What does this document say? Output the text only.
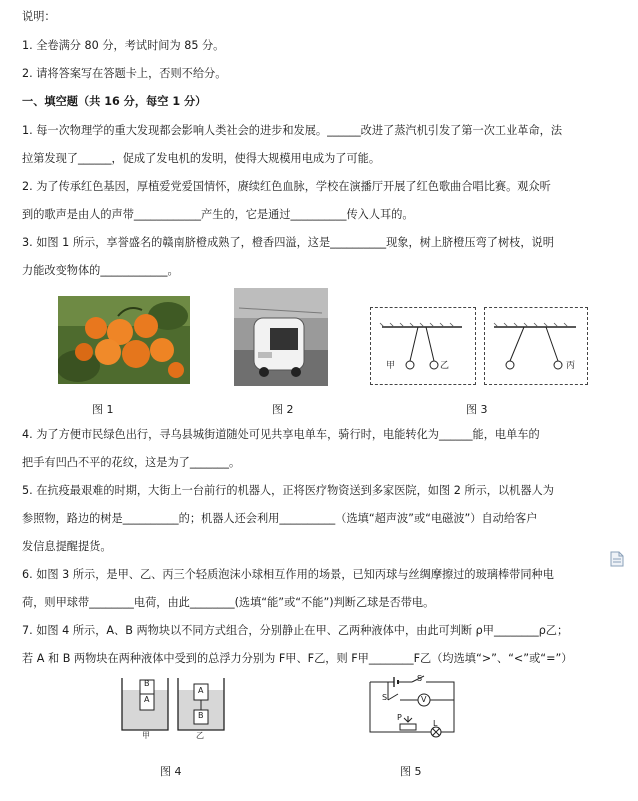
说明：
1. 全卷满分 80 分，考试时间为 85 分。
2. 请将答案写在答题卡上，否则不给分。
一、填空题（共 16 分，每空 1 分）
1. 每一次物理学的重大发现都会影响人类社会的进步和发展。______改进了蒸汽机引发了第一次工业革命，法
拉第发现了______，促成了发电机的发明，使得大规模用电成为了可能。
2. 为了传承红色基因，厚植爱党爱国情怀，赓续红色血脉，学校在演播厅开展了红色歌曲合唱比赛。观众听
到的歌声是由人的声带____________产生的，它是通过__________传入人耳的。
3. 如图 1 所示，享誉盛名的赣南脐橙成熟了，橙香四溢，这是__________现象，树上脐橙压弯了树枝，说明
力能改变物体的____________。
图 1	图 2
甲	乙	丙
图 3
4. 为了方便市民绿色出行，寻乌县城街道随处可见共享电单车，骑行时，电能转化为______能，电单车的
把手有凹凸不平的花纹，这是为了_______。
5. 在抗疫最艰难的时期，大街上一台前行的机器人，正将医疗物资送到多家医院，如图 2 所示，以机器人为
参照物，路边的树是__________的；机器人还会利用__________（选填“超声波”或“电磁波”）自动给客户
发信息提醒提货。
6. 如图 3 所示，是甲、乙、丙三个轻质泡沫小球相互作用的场景，已知丙球与丝绸摩擦过的玻璃棒带同种电
荷，则甲球带________电荷，由此________(选填“能”或“不能”)判断乙球是否带电。
7. 如图 4 所示，A、B 两物块以不同方式组合，分别静止在甲、乙两种液体中，由此可判断 ρ甲________ρ乙；
若 A 和 B 两物块在两种液体中受到的总浮力分别为 F甲、F乙，则 F甲________F乙（均选填“>”、“<”或“=”）
B
A
A
B
甲	乙
图 4
S
S	V
P
L
图 5
